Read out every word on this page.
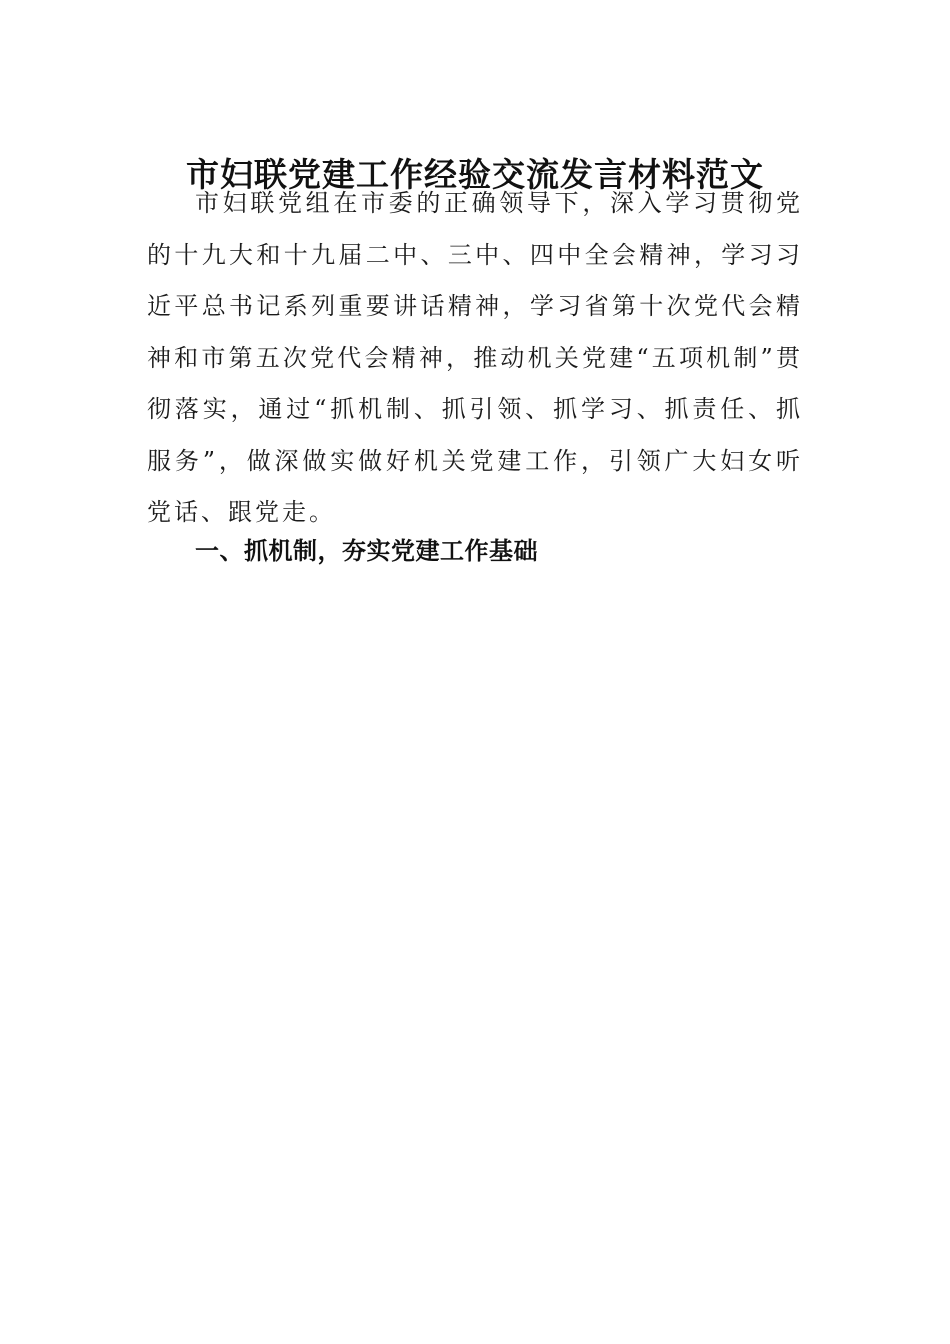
市妇联党建工作经验交流发言材料范文

市妇联党组在市委的正确领导下，深入学习贯彻党的十九大和十九届二中、三中、四中全会精神，学习习近平总书记系列重要讲话精神，学习省第十次党代会精神和市第五次党代会精神，推动机关党建“五项机制”贯彻落实，通过“抓机制、抓引领、抓学习、抓责任、抓服务”，做深做实做好机关党建工作，引领广大妇女听党话、跟党走。

一、抓机制，夯实党建工作基础
